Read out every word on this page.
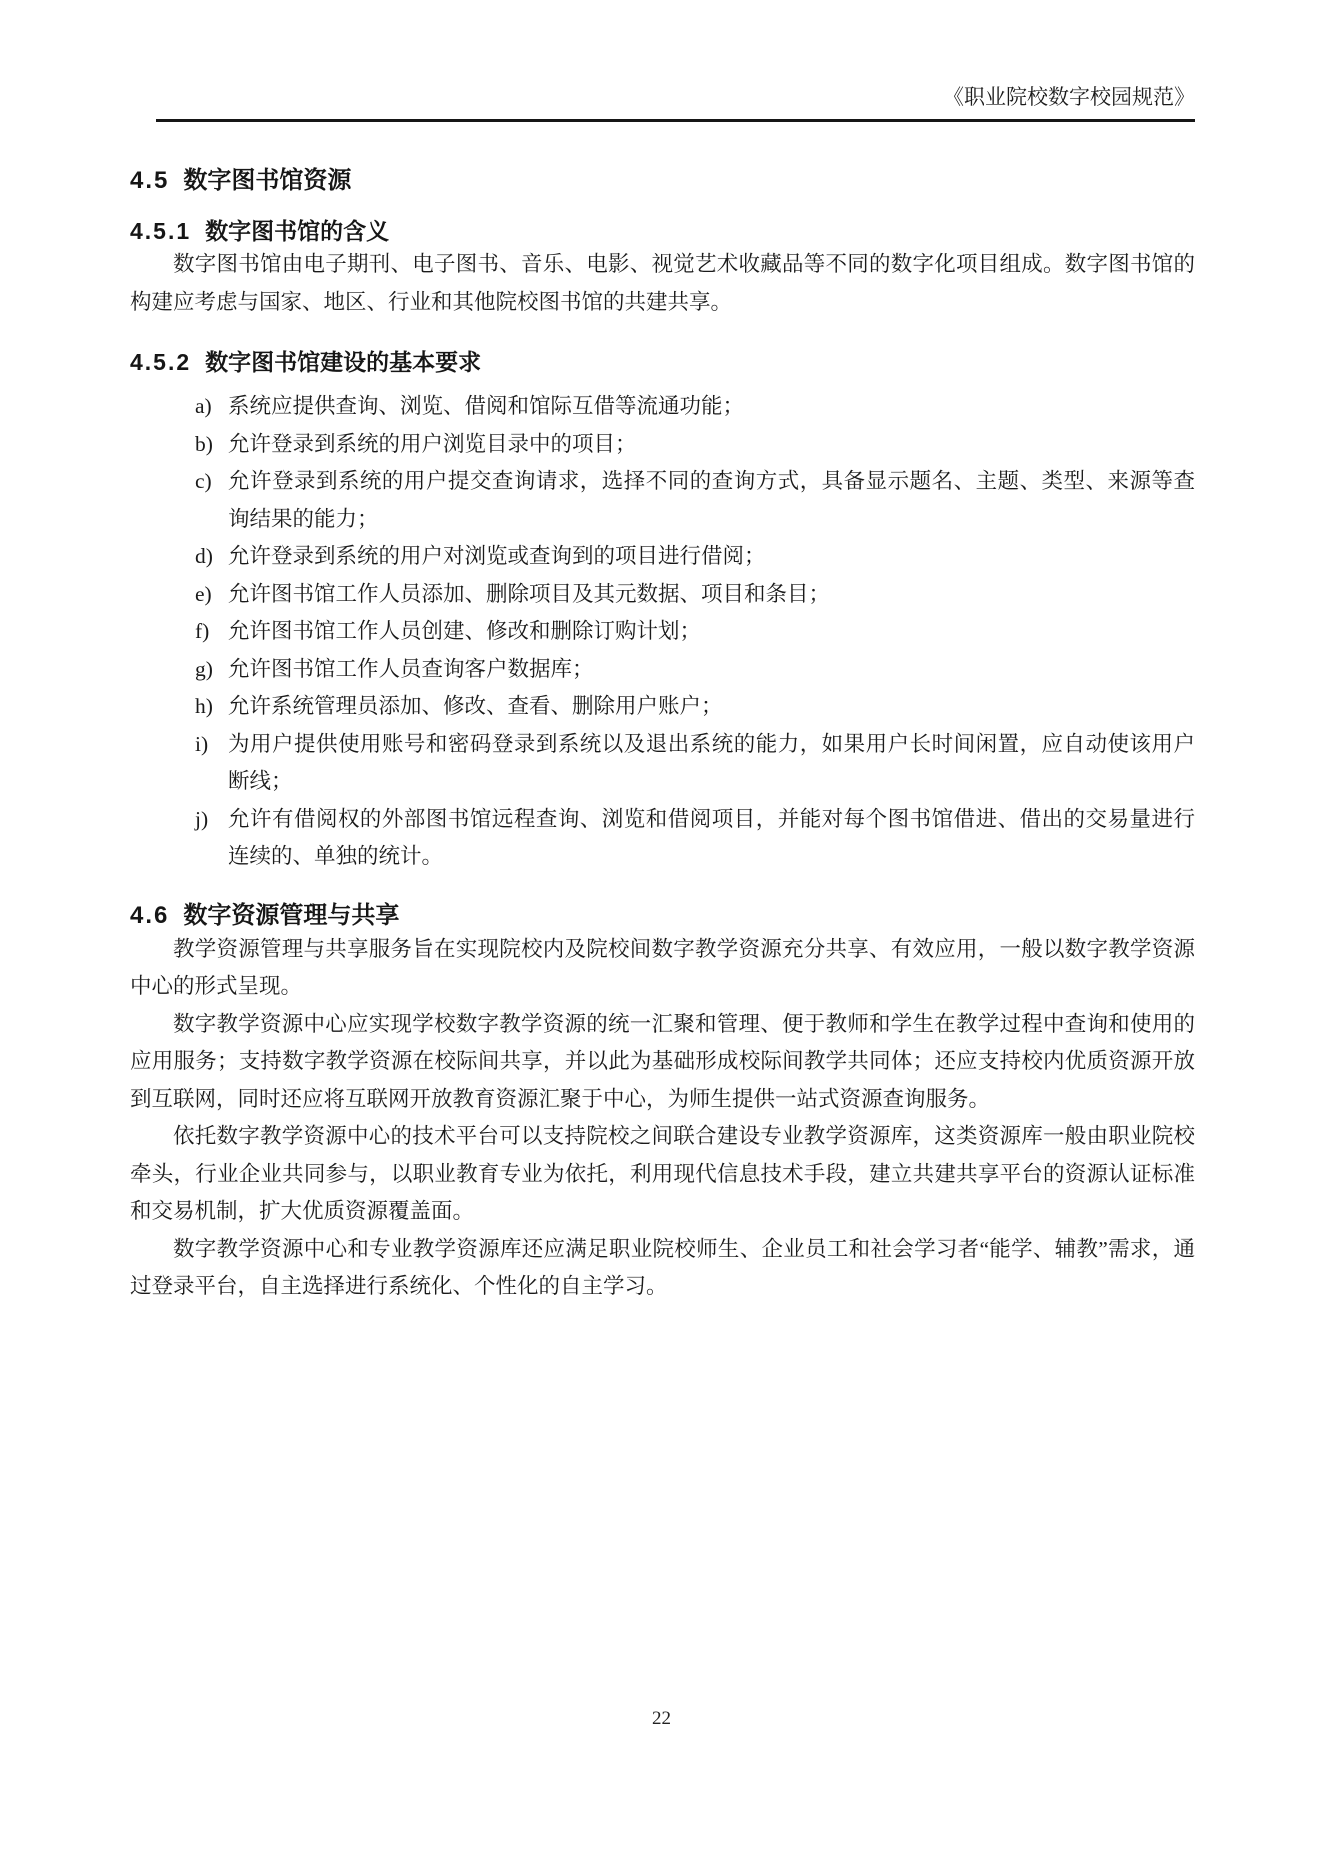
《职业院校数字校园规范》
4.5 数字图书馆资源
4.5.1 数字图书馆的含义

数字图书馆由电子期刊、电子图书、音乐、电影、视觉艺术收藏品等不同的数字化项目组成。数字图书馆的构建应考虑与国家、地区、行业和其他院校图书馆的共建共享。

4.5.2 数字图书馆建设的基本要求
a) 系统应提供查询、浏览、借阅和馆际互借等流通功能；
b) 允许登录到系统的用户浏览目录中的项目；
c) 允许登录到系统的用户提交查询请求，选择不同的查询方式，具备显示题名、主题、类型、来源等查询结果的能力；
d) 允许登录到系统的用户对浏览或查询到的项目进行借阅；
e) 允许图书馆工作人员添加、删除项目及其元数据、项目和条目；
f) 允许图书馆工作人员创建、修改和删除订购计划；
g) 允许图书馆工作人员查询客户数据库；
h) 允许系统管理员添加、修改、查看、删除用户账户；
i) 为用户提供使用账号和密码登录到系统以及退出系统的能力，如果用户长时间闲置，应自动使该用户断线；
j) 允许有借阅权的外部图书馆远程查询、浏览和借阅项目，并能对每个图书馆借进、借出的交易量进行连续的、单独的统计。
4.6 数字资源管理与共享

教学资源管理与共享服务旨在实现院校内及院校间数字教学资源充分共享、有效应用，一般以数字教学资源中心的形式呈现。

数字教学资源中心应实现学校数字教学资源的统一汇聚和管理、便于教师和学生在教学过程中查询和使用的应用服务；支持数字教学资源在校际间共享，并以此为基础形成校际间教学共同体；还应支持校内优质资源开放到互联网，同时还应将互联网开放教育资源汇聚于中心，为师生提供一站式资源查询服务。

依托数字教学资源中心的技术平台可以支持院校之间联合建设专业教学资源库，这类资源库一般由职业院校牵头，行业企业共同参与，以职业教育专业为依托，利用现代信息技术手段，建立共建共享平台的资源认证标准和交易机制，扩大优质资源覆盖面。

数字教学资源中心和专业教学资源库还应满足职业院校师生、企业员工和社会学习者“能学、辅教”需求，通过登录平台，自主选择进行系统化、个性化的自主学习。

22
